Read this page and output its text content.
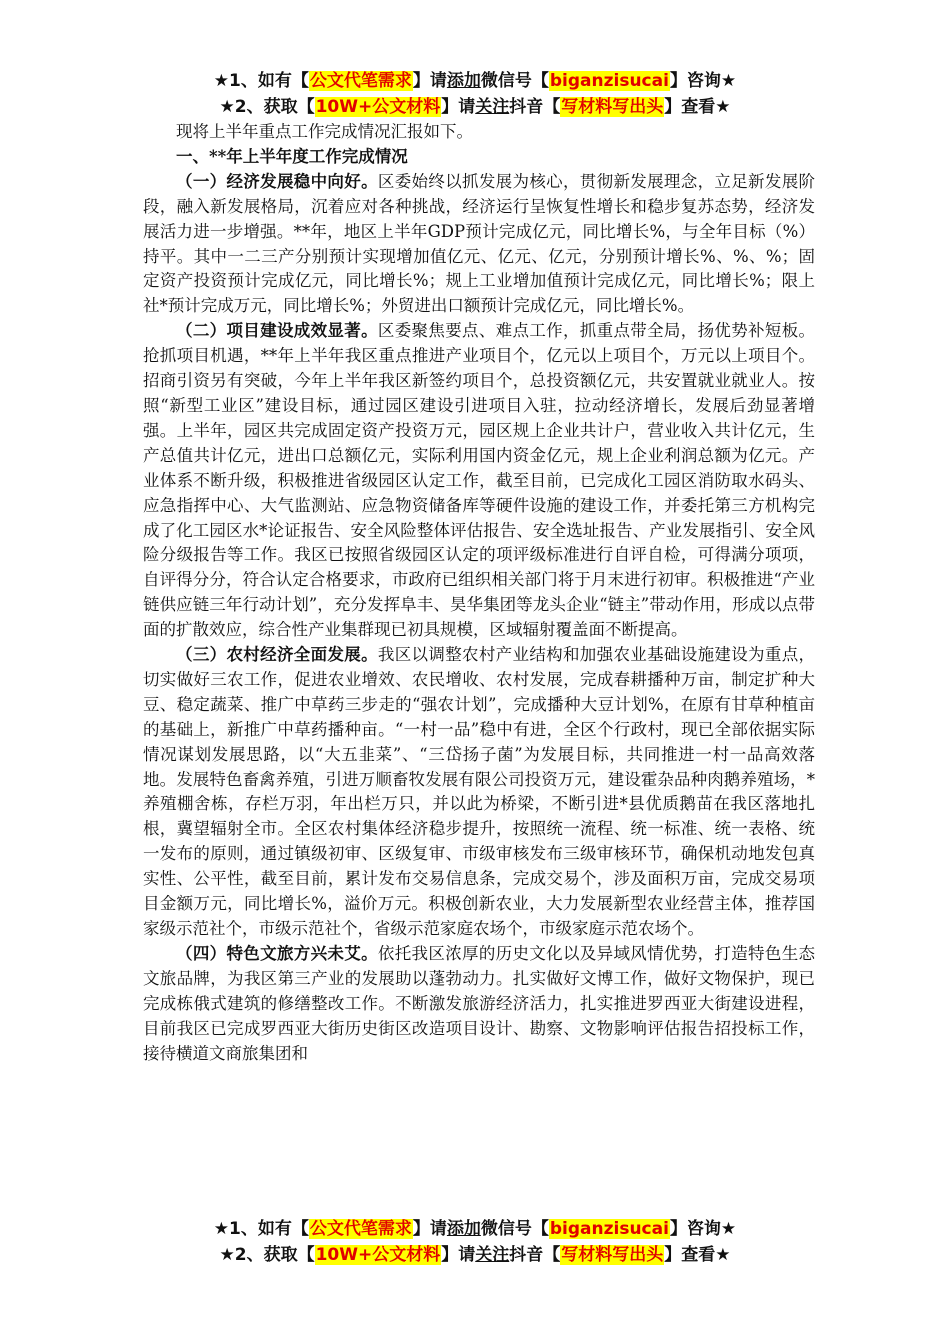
★1、如有【公文代笔需求】请添加微信号【biganzisucai】咨询★
★2、获取【10W+公文材料】请关注抖音【写材料写出头】查看★

现将上半年重点工作完成情况汇报如下。

一、**年上半年度工作完成情况

（一）经济发展稳中向好。区委始终以抓发展为核心，贯彻新发展理念，立足新发展阶段，融入新发展格局，沉着应对各种挑战，经济运行呈恢复性增长和稳步复苏态势，经济发展活力进一步增强。**年，地区上半年GDP预计完成亿元，同比增长%，与全年目标（%）持平。其中一二三产分别预计实现增加值亿元、亿元、亿元，分别预计增长%、%、%；固定资产投资预计完成亿元，同比增长%；规上工业增加值预计完成亿元，同比增长%；限上社*预计完成万元，同比增长%；外贸进出口额预计完成亿元，同比增长%。

（二）项目建设成效显著。区委聚焦要点、难点工作，抓重点带全局，扬优势补短板。抢抓项目机遇，**年上半年我区重点推进产业项目个，亿元以上项目个，万元以上项目个。招商引资另有突破，今年上半年我区新签约项目个，总投资额亿元，共安置就业就业人。按照“新型工业区”建设目标，通过园区建设引进项目入驻，拉动经济增长，发展后劲显著增强。上半年，园区共完成固定资产投资万元，园区规上企业共计户，营业收入共计亿元，生产总值共计亿元，进出口总额亿元，实际利用国内资金亿元，规上企业利润总额为亿元。产业体系不断升级，积极推进省级园区认定工作，截至目前，已完成化工园区消防取水码头、应急指挥中心、大气监测站、应急物资储备库等硬件设施的建设工作，并委托第三方机构完成了化工园区水*论证报告、安全风险整体评估报告、安全选址报告、产业发展指引、安全风险分级报告等工作。我区已按照省级园区认定的项评级标准进行自评自检，可得满分项项，自评得分分，符合认定合格要求，市政府已组织相关部门将于月末进行初审。积极推进“产业链供应链三年行动计划”，充分发挥阜丰、昊华集团等龙头企业“链主”带动作用，形成以点带面的扩散效应，综合性产业集群现已初具规模，区域辐射覆盖面不断提高。

（三）农村经济全面发展。我区以调整农村产业结构和加强农业基础设施建设为重点，切实做好三农工作，促进农业增效、农民增收、农村发展，完成春耕播种万亩，制定扩种大豆、稳定蔬菜、推广中草药三步走的“强农计划”，完成播种大豆计划%，在原有甘草种植亩的基础上，新推广中草药播种亩。“一村一品”稳中有进，全区个行政村，现已全部依据实际情况谋划发展思路，以“大五韭菜”、“三岱扬子菌”为发展目标，共同推进一村一品高效落地。发展特色畜禽养殖，引进万顺畜牧发展有限公司投资万元，建设霍杂品种肉鹅养殖场，*养殖棚舍栋，存栏万羽，年出栏万只，并以此为桥梁，不断引进*县优质鹅苗在我区落地扎根，冀望辐射全市。全区农村集体经济稳步提升，按照统一流程、统一标准、统一表格、统一发布的原则，通过镇级初审、区级复审、市级审核发布三级审核环节，确保机动地发包真实性、公平性，截至目前，累计发布交易信息条，完成交易个，涉及面积万亩，完成交易项目金额万元，同比增长%，溢价万元。积极创新农业，大力发展新型农业经营主体，推荐国家级示范社个，市级示范社个，省级示范家庭农场个，市级家庭示范农场个。

（四）特色文旅方兴未艾。依托我区浓厚的历史文化以及异域风情优势，打造特色生态文旅品牌，为我区第三产业的发展助以蓬勃动力。扎实做好文博工作，做好文物保护，现已完成栋俄式建筑的修缮整改工作。不断激发旅游经济活力，扎实推进罗西亚大街建设进程，目前我区已完成罗西亚大街历史街区改造项目设计、勘察、文物影响评估报告招投标工作，接待横道文商旅集团和

★1、如有【公文代笔需求】请添加微信号【biganzisucai】咨询★
★2、获取【10W+公文材料】请关注抖音【写材料写出头】查看★
